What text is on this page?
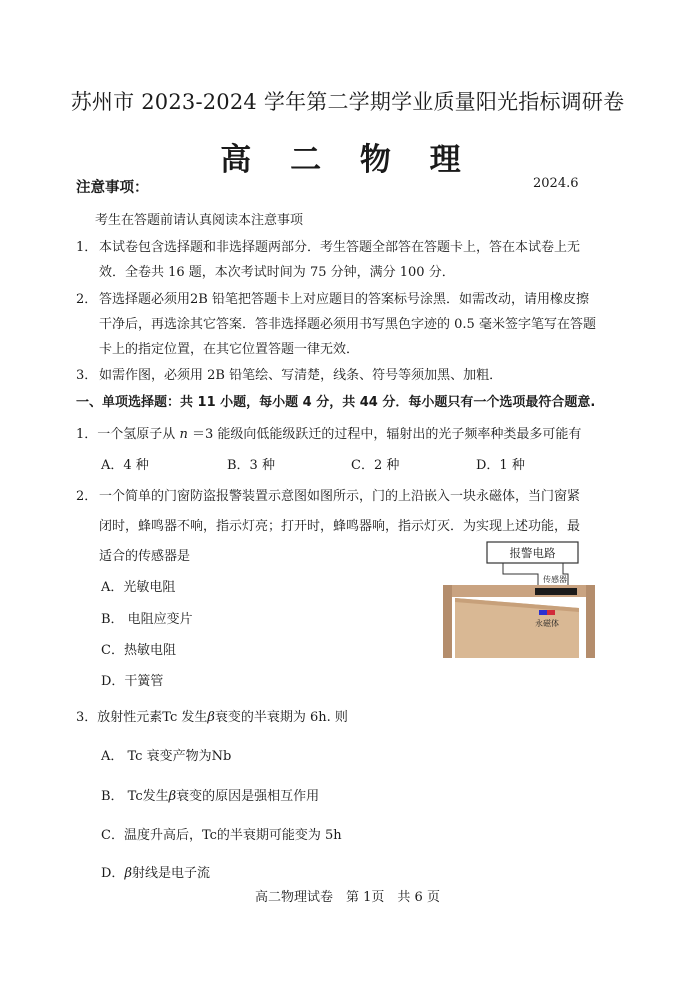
苏州市 2023-2024 学年第二学期学业质量阳光指标调研卷
高 二 物 理
注意事项：	2024.6
考生在答题前请认真阅读本注意事项
1． 本试卷包含选择题和非选择题两部分．考生答题全部答在答题卡上，答在本试卷上无
效．全卷共 16 题，本次考试时间为 75 分钟，满分 100 分．
2． 答选择题必须用2B 铅笔把答题卡上对应题目的答案标号涂黑．如需改动，请用橡皮擦
干净后，再选涂其它答案．答非选择题必须用书写黑色字迹的 0.5 毫米签字笔写在答题
卡上的指定位置，在其它位置答题一律无效．
3． 如需作图，必须用 2B 铅笔绘、写清楚，线条、符号等须加黑、加粗．
一、单项选择题：共 11 小题，每小题 4 分，共 44 分．每小题只有一个选项最符合题意.
1．一个氢原子从 n ＝3 能级向低能级跃迁的过程中，辐射出的光子频率种类最多可能有
A．4 种	B．3 种	C．2 种	D．1 种
2． 一个简单的门窗防盗报警装置示意图如图所示，门的上沿嵌入一块永磁体，当门窗紧
闭时，蜂鸣器不响，指示灯亮；打开时，蜂鸣器响，指示灯灭．为实现上述功能，最
适合的传感器是
A．光敏电阻
B． 电阻应变片
C．热敏电阻
D．干簧管
报警电路
传感器
永磁体
3．放射性元素Tc 发生β衰变的半衰期为 6h. 则
A． Tc 衰变产物为Nb
B． Tc发生β衰变的原因是强相互作用
C．温度升高后，Tc的半衰期可能变为 5h
D．β射线是电子流
高二物理试卷　第 1页　共 6 页
